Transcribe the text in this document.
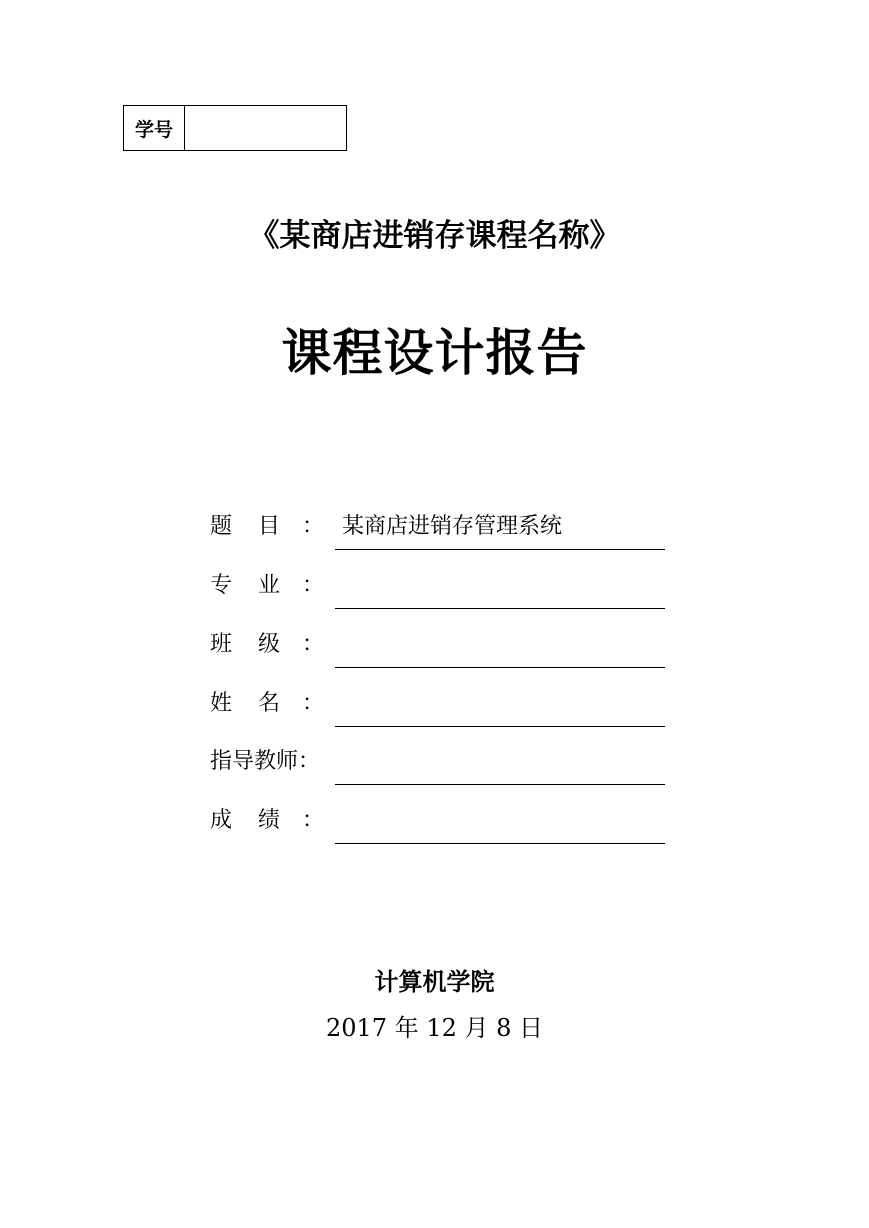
学号
《某商店进销存课程名称》
课程设计报告
题 目 ： 某商店进销存管理系统
专 业 ：
班 级 ：
姓 名 ：
指导教师 ：
成 绩 ：
计算机学院
2017 年 12 月 8 日
